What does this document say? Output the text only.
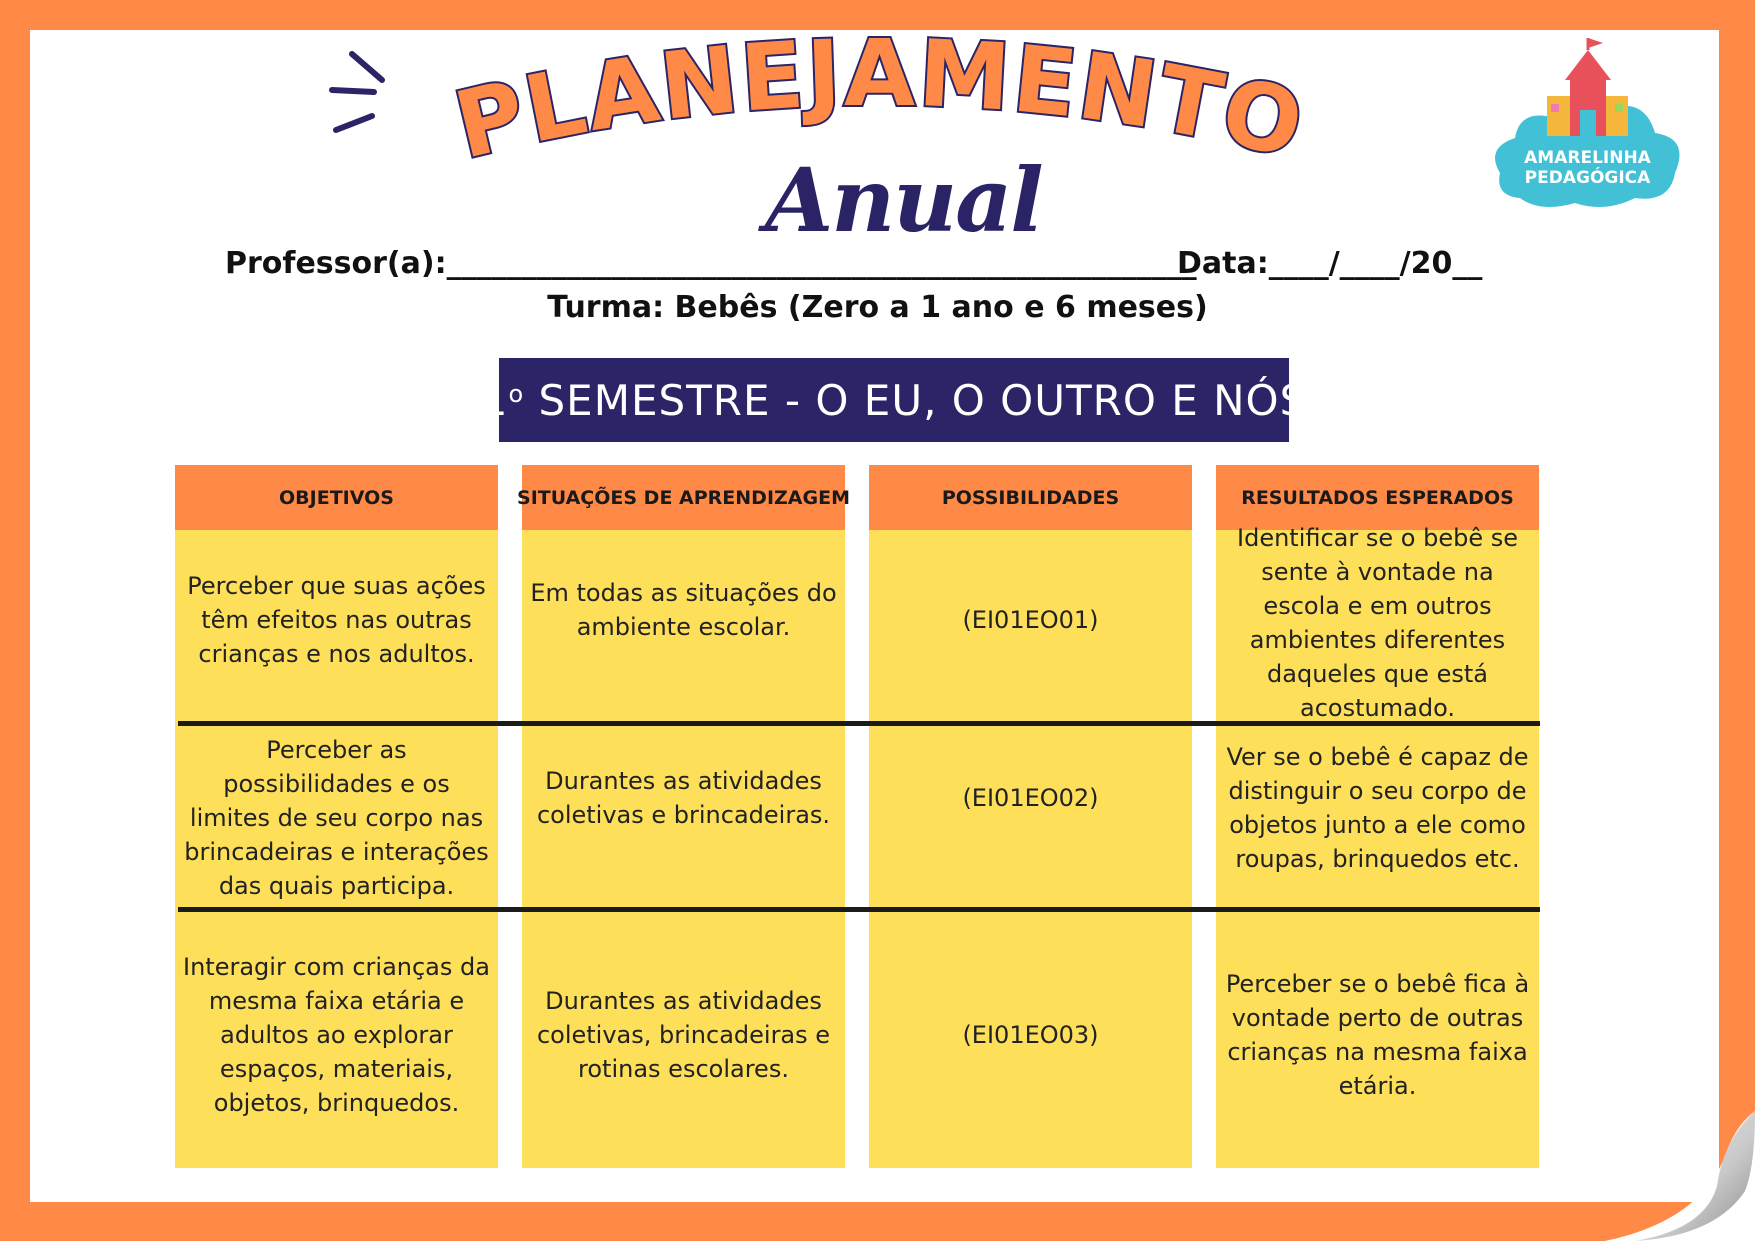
PLANEJAMENTO
Anual	AMARELINHA
PEDAGÓGICA
Professor(a):__________________________________________________
Data:____/____/20__
Turma: Bebês (Zero a 1 ano e 6 meses)
1$^o$ SEMESTRE - O EU, O OUTRO E NÓS
OBJETIVOS
Perceber que suas ações têm efeitos nas outras crianças e nos adultos.
Perceber as possibilidades e os limites de seu corpo nas brincadeiras e interações das quais participa.
Interagir com crianças da mesma faixa etária e adultos ao explorar espaços, materiais, objetos, brinquedos.
SITUAÇÕES DE APRENDIZAGEM
Em todas as situações do ambiente escolar.
Durantes as atividades coletivas e brincadeiras.
Durantes as atividades coletivas, brincadeiras e rotinas escolares.
POSSIBILIDADES
(EI01EO01)
(EI01EO02)
(EI01EO03)
RESULTADOS ESPERADOS
Identificar se o bebê se sente à vontade na escola e em outros ambientes diferentes daqueles que está acostumado.
Ver se o bebê é capaz de distinguir o seu corpo de objetos junto a ele como roupas, brinquedos etc.
Perceber se o bebê fica à vontade perto de outras crianças na mesma faixa etária.
